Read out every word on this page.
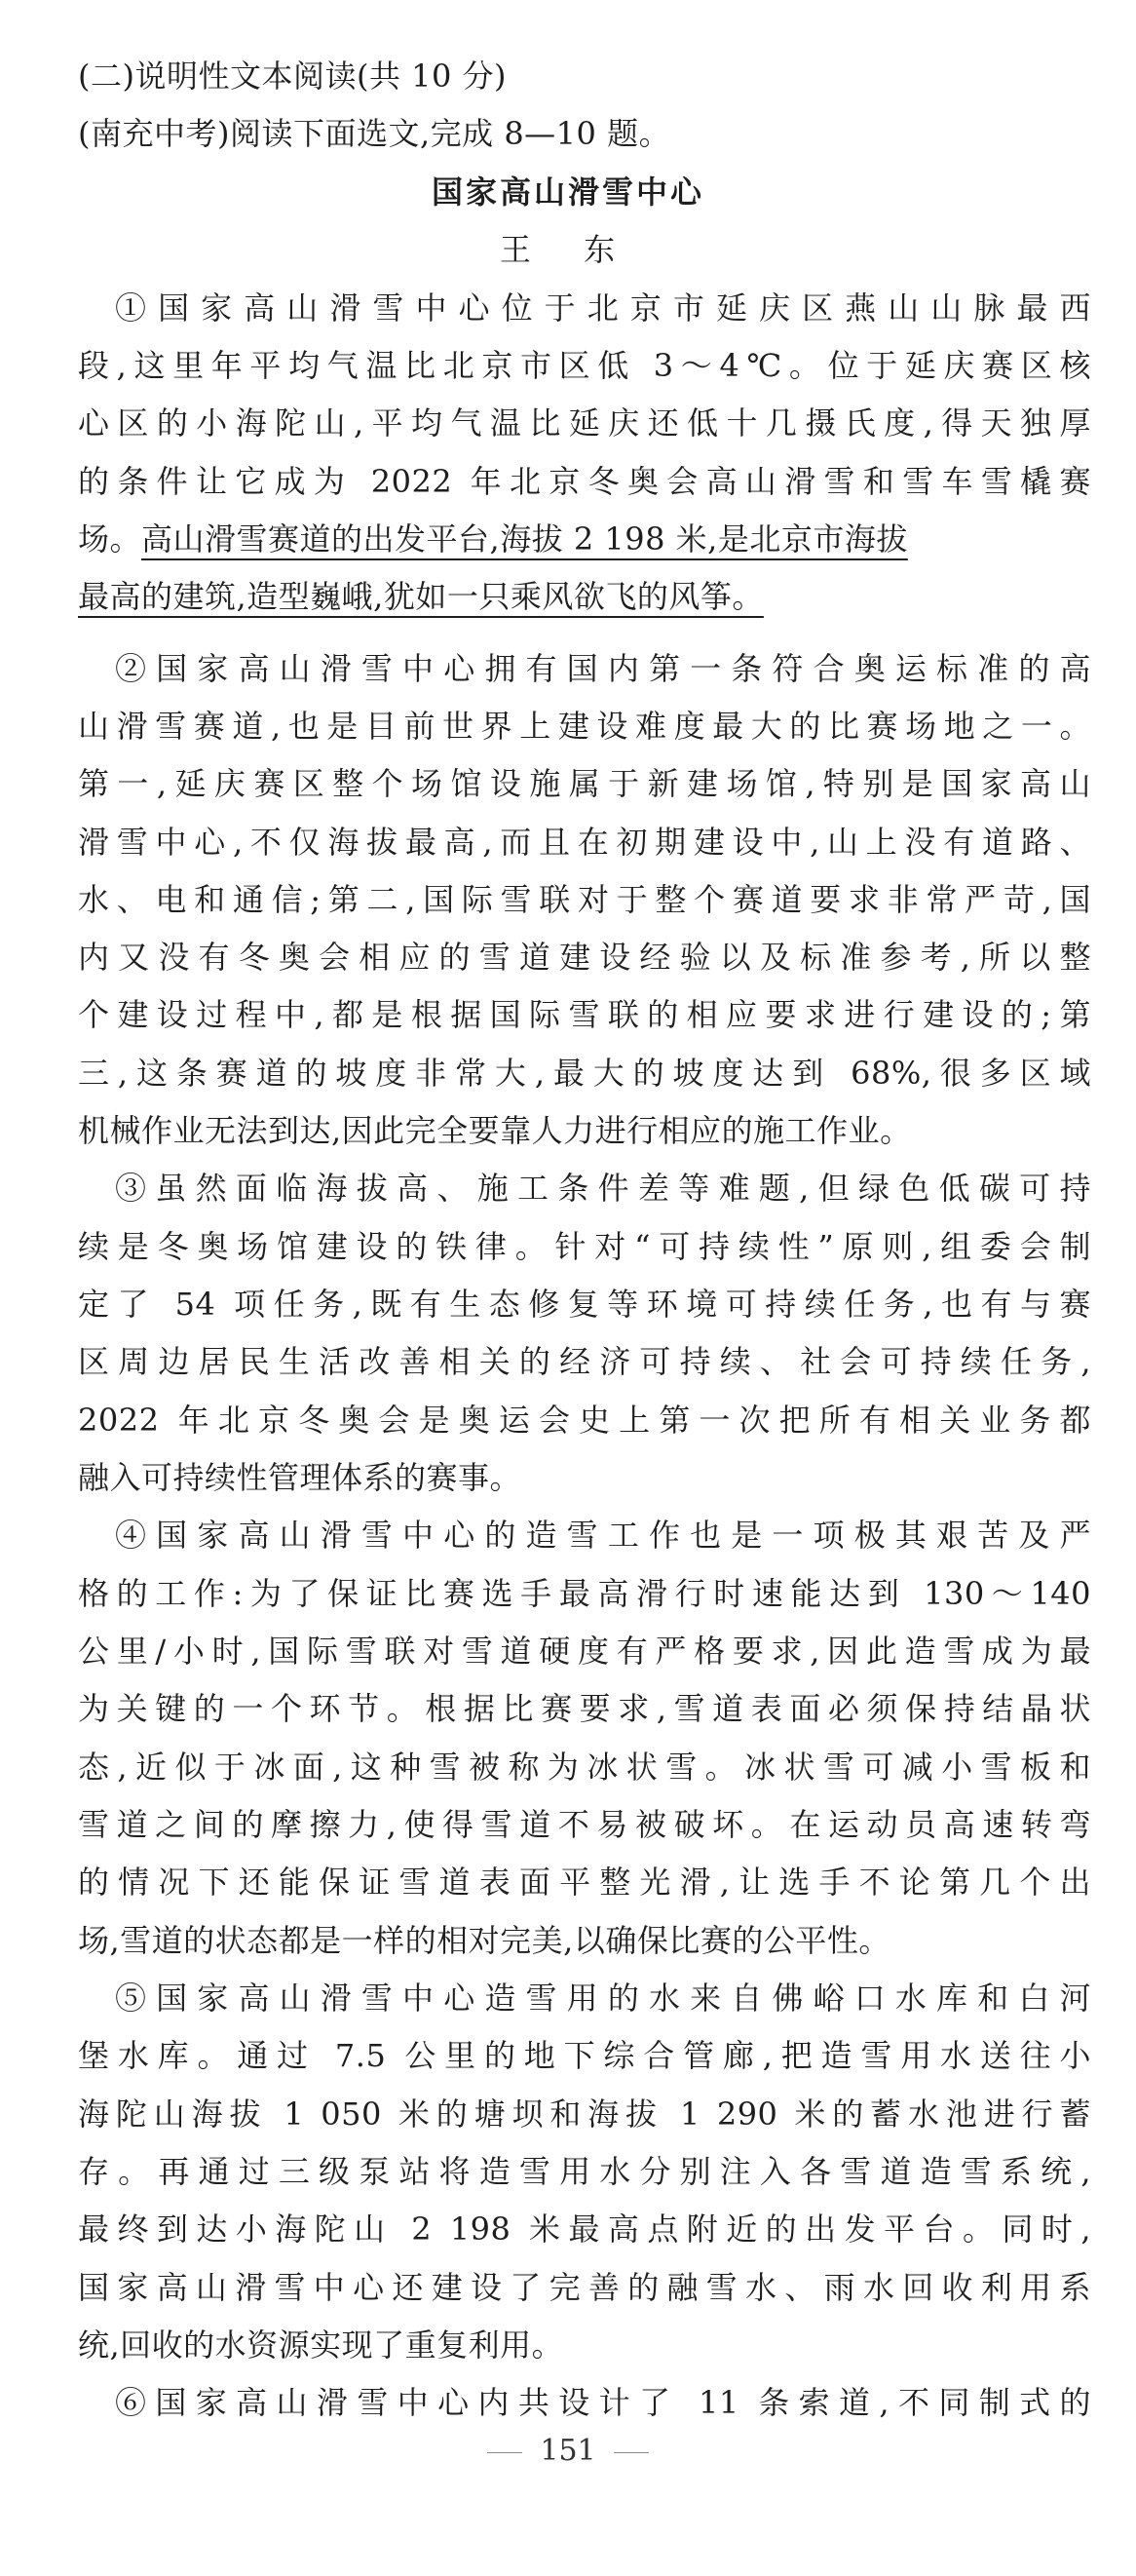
(二)说明性文本阅读(共 10 分)

(南充中考)阅读下面选文,完成 8—10 题。

国家高山滑雪中心
王 东

①国家高山滑雪中心位于北京市延庆区燕山山脉最西

段,这里年平均气温比北京市区低 3～4℃。位于延庆赛区核

心区的小海陀山,平均气温比延庆还低十几摄氏度,得天独厚

的条件让它成为 2022 年北京冬奥会高山滑雪和雪车雪橇赛

场。高山滑雪赛道的出发平台,海拔 2 198 米,是北京市海拔

最高的建筑,造型巍峨,犹如一只乘风欲飞的风筝。

②国家高山滑雪中心拥有国内第一条符合奥运标准的高

山滑雪赛道,也是目前世界上建设难度最大的比赛场地之一。

第一,延庆赛区整个场馆设施属于新建场馆,特别是国家高山

滑雪中心,不仅海拔最高,而且在初期建设中,山上没有道路、

水、电和通信;第二,国际雪联对于整个赛道要求非常严苛,国

内又没有冬奥会相应的雪道建设经验以及标准参考,所以整

个建设过程中,都是根据国际雪联的相应要求进行建设的;第

三,这条赛道的坡度非常大,最大的坡度达到 68%,很多区域

机械作业无法到达,因此完全要靠人力进行相应的施工作业。

③虽然面临海拔高、施工条件差等难题,但绿色低碳可持

续是冬奥场馆建设的铁律。针对“可持续性”原则,组委会制

定了 54 项任务,既有生态修复等环境可持续任务,也有与赛

区周边居民生活改善相关的经济可持续、社会可持续任务,

2022 年北京冬奥会是奥运会史上第一次把所有相关业务都

融入可持续性管理体系的赛事。

④国家高山滑雪中心的造雪工作也是一项极其艰苦及严

格的工作:为了保证比赛选手最高滑行时速能达到 130～140

公里/小时,国际雪联对雪道硬度有严格要求,因此造雪成为最

为关键的一个环节。根据比赛要求,雪道表面必须保持结晶状

态,近似于冰面,这种雪被称为冰状雪。冰状雪可减小雪板和

雪道之间的摩擦力,使得雪道不易被破坏。在运动员高速转弯

的情况下还能保证雪道表面平整光滑,让选手不论第几个出

场,雪道的状态都是一样的相对完美,以确保比赛的公平性。

⑤国家高山滑雪中心造雪用的水来自佛峪口水库和白河

堡水库。通过 7.5 公里的地下综合管廊,把造雪用水送往小

海陀山海拔 1 050 米的塘坝和海拔 1 290 米的蓄水池进行蓄

存。再通过三级泵站将造雪用水分别注入各雪道造雪系统,

最终到达小海陀山 2 198 米最高点附近的出发平台。同时,

国家高山滑雪中心还建设了完善的融雪水、雨水回收利用系

统,回收的水资源实现了重复利用。

⑥国家高山滑雪中心内共设计了 11 条索道,不同制式的

151
